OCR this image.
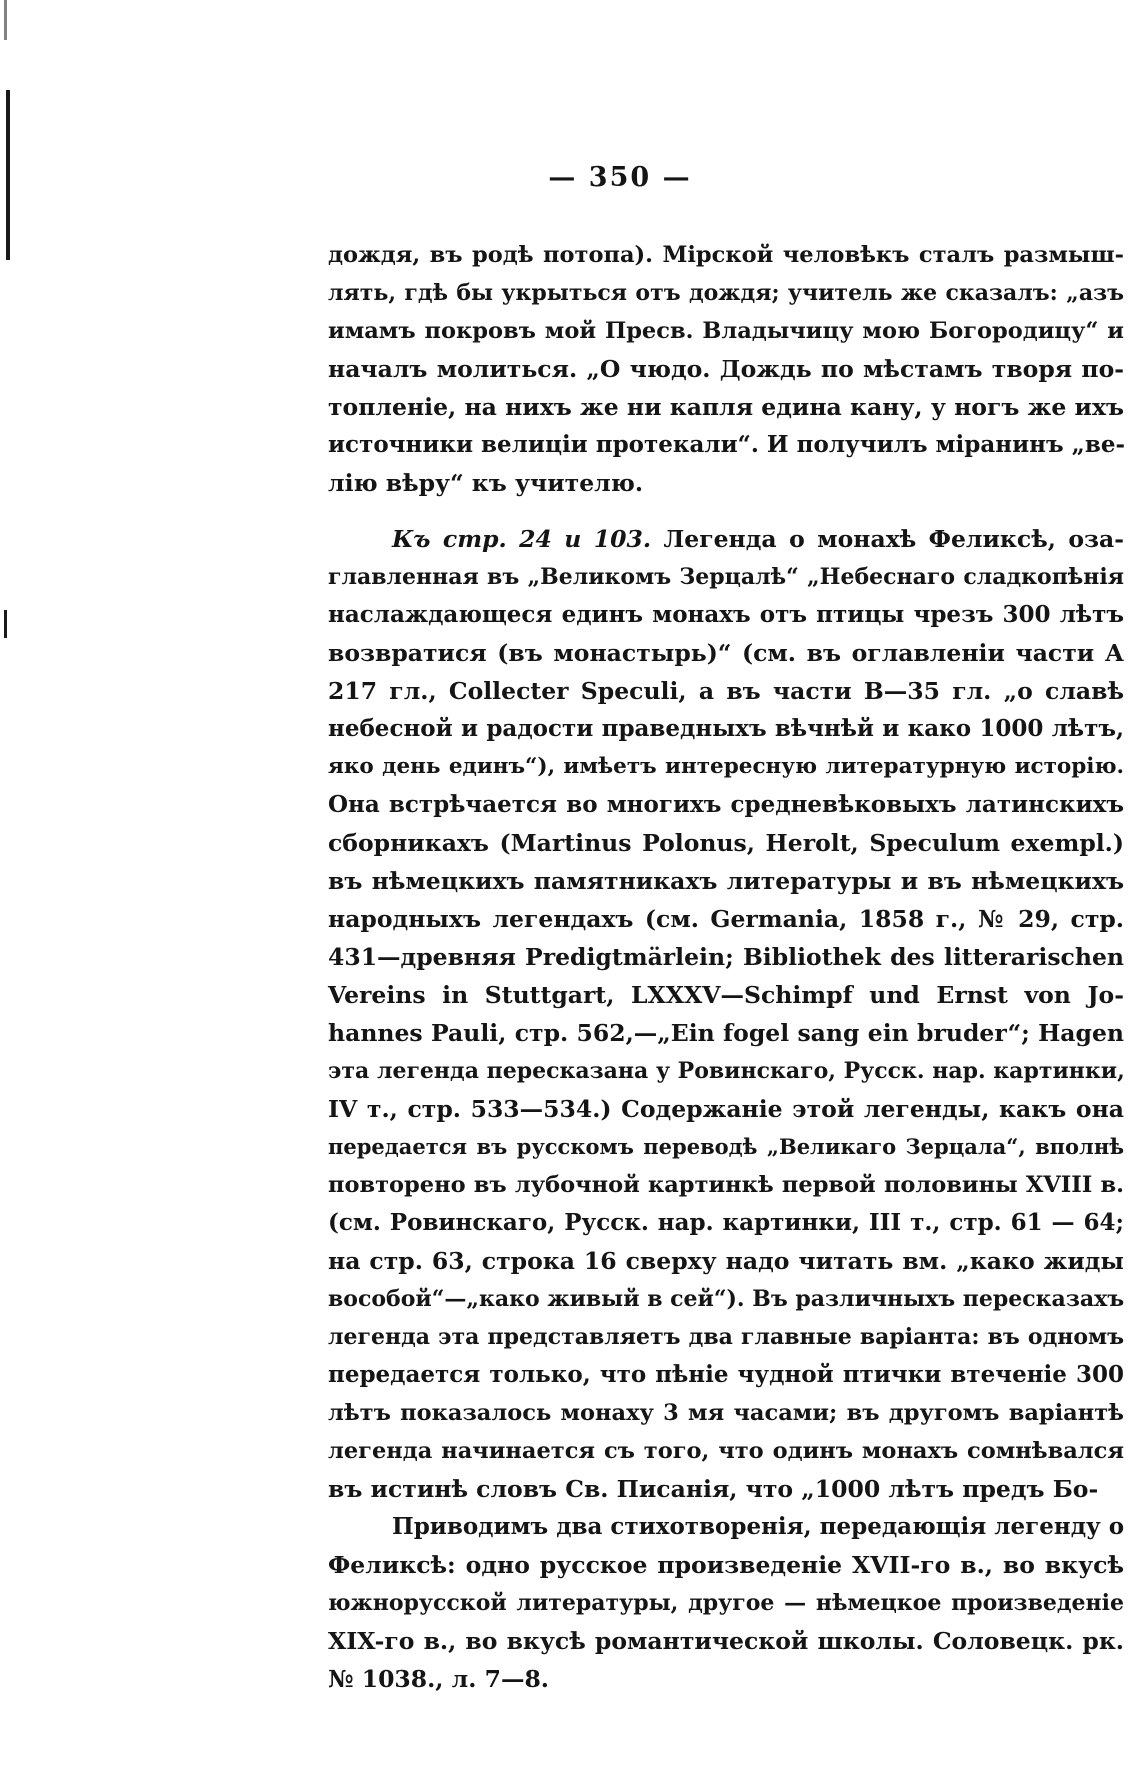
— 350 —
дождя, въ родѣ потопа). Мірской человѣкъ сталъ размыш-
лять, гдѣ бы укрыться отъ дождя; учитель же сказалъ: „азъ
имамъ покровъ мой Пресв. Владычицу мою Богородицу“ и
началъ молиться. „О чюдо. Дождь по мѣстамъ творя по-
топленіе, на нихъ же ни капля едина кану, у ногъ же ихъ
источники велиціи протекали“. И получилъ міранинъ „ве-
лію вѣру“ къ учителю.
Къ стр. 24 и 103. Легенда о монахѣ Феликсѣ, оза-
главленная въ „Великомъ Зерцалѣ“ „Небеснаго сладкопѣнія
наслаждающеся единъ монахъ отъ птицы чрезъ 300 лѣтъ
возвратися (въ монастырь)“ (см. въ оглавленіи части А
217 гл., Collecter Speculi, а въ части В—35 гл. „о славѣ
небесной и радости праведныхъ вѣчнѣй и како 1000 лѣтъ,
яко день единъ“), имѣетъ интересную литературную исторію.
Она встрѣчается во многихъ средневѣковыхъ латинскихъ
сборникахъ (Martinus Polonus, Herolt, Speculum exempl.)
въ нѣмецкихъ памятникахъ литературы и въ нѣмецкихъ
народныхъ легендахъ (см. Germania, 1858 г., № 29, стр.
431—древняя Predigtmärlein; Bibliothek des litterarischen
Vereins in Stuttgart, LXXXV—Schimpf und Ernst von Jo-
hannes Pauli, стр. 562,—„Ein fogel sang ein bruder“; Hagen
эта легенда пересказана у Ровинскаго, Русск. нар. картинки,
IV т., стр. 533—534.) Содержаніе этой легенды, какъ она
передается въ русскомъ переводѣ „Великаго Зерцала“, вполнѣ
повторено въ лубочной картинкѣ первой половины XVIII в.
(см. Ровинскаго, Русск. нар. картинки, III т., стр. 61 — 64;
на стр. 63, строка 16 сверху надо читать вм. „како жиды
вособой“—„како живый в сей“). Въ различныхъ пересказахъ
легенда эта представляетъ два главные варіанта: въ одномъ
передается только, что пѣніе чудной птички втеченіе 300
лѣтъ показалось монаху 3 мя часами; въ другомъ варіантѣ
легенда начинается съ того, что одинъ монахъ сомнѣвался
въ истинѣ словъ Св. Писанія, что „1000 лѣтъ предъ Бо-
Приводимъ два стихотворенія, передающія легенду о
Феликсѣ: одно русское произведеніе XVII-го в., во вкусѣ
южнорусской литературы, другое — нѣмецкое произведеніе
XIX-го в., во вкусѣ романтической школы. Соловецк. рк.
№ 1038., л. 7—8.
